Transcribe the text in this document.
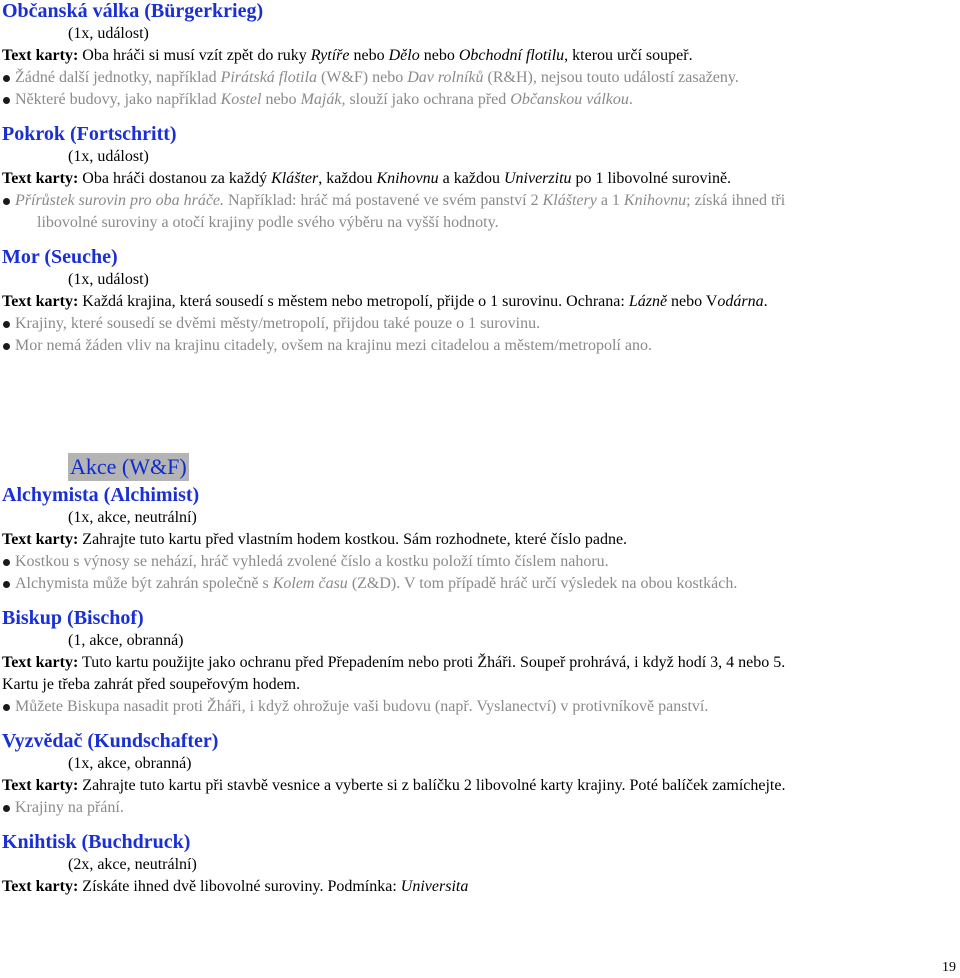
Občanská válka (Bürgerkrieg)
(1x, událost)
Text karty: Oba hráči si musí vzít zpět do ruky Rytíře nebo Dělo nebo Obchodní flotilu, kterou určí soupeř.
Žádné další jednotky, například Pirátská flotila (W&F) nebo Dav rolníků (R&H), nejsou touto událostí zasaženy.
Některé budovy, jako například Kostel nebo Maják, slouží jako ochrana před Občanskou válkou.
Pokrok (Fortschritt)
(1x, událost)
Text karty: Oba hráči dostanou za každý Klášter, každou Knihovnu a každou Univerzitu po 1 libovolné surovině.
Přírůstek surovin pro oba hráče. Například: hráč má postavené ve svém panství 2 Kláštery a 1 Knihovnu; získá ihned tři
libovolné suroviny a otočí krajiny podle svého výběru na vyšší hodnoty.
Mor (Seuche)
(1x, událost)
Text karty: Každá krajina, která sousedí s městem nebo metropolí, přijde o 1 surovinu. Ochrana: Lázně nebo Vodárna.
Krajiny, které sousedí se dvěmi městy/metropolí, přijdou také pouze o 1 surovinu.
Mor nemá žáden vliv na krajinu citadely, ovšem na krajinu mezi citadelou a městem/metropolí ano.
Akce (W&F)
Alchymista (Alchimist)
(1x, akce, neutrální)
Text karty: Zahrajte tuto kartu před vlastním hodem kostkou. Sám rozhodnete, které číslo padne.
Kostkou s výnosy se nehází, hráč vyhledá zvolené číslo a kostku položí tímto číslem nahoru.
Alchymista může být zahrán společně s Kolem času (Z&D). V tom případě hráč určí výsledek na obou kostkách.
Biskup (Bischof)
(1, akce, obranná)
Text karty: Tuto kartu použijte jako ochranu před Přepadením nebo proti Žháři. Soupeř prohrává, i když hodí 3, 4 nebo 5.
Kartu je třeba zahrát před soupeřovým hodem.
Můžete Biskupa nasadit proti Žháři, i když ohrožuje vaši budovu (např. Vyslanectví) v protivníkově panství.
Vyzvědač (Kundschafter)
(1x, akce, obranná)
Text karty: Zahrajte tuto kartu při stavbě vesnice a vyberte si z balíčku 2 libovolné karty krajiny. Poté balíček zamíchejte.
Krajiny na přání.
Knihtisk (Buchdruck)
(2x, akce, neutrální)
Text karty: Získáte ihned dvě libovolné suroviny. Podmínka: Universita
19
